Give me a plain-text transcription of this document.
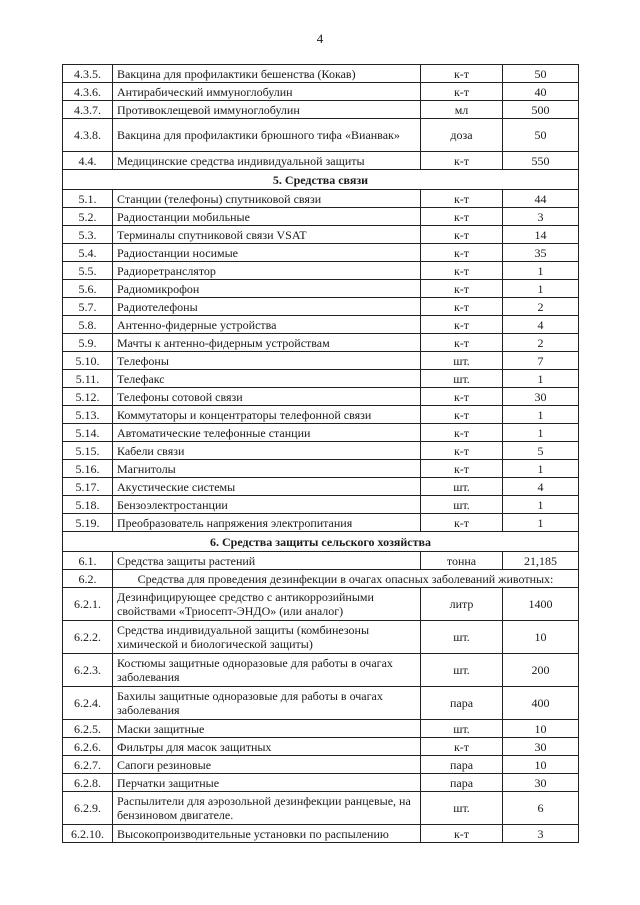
4
4.3.5.	Вакцина для профилактики бешенства (Кокав)	к-т	50
4.3.6.	Антирабический иммуноглобулин	к-т	40
4.3.7.	Противоклещевой иммуноглобулин	мл	500
4.3.8.	Вакцина для профилактики брюшного тифа «Вианвак»	доза	50
4.4.	Медицинские средства индивидуальной защиты	к-т	550
5. Средства связи			
5.1.	Станции (телефоны) спутниковой связи	к-т	44
5.2.	Радиостанции мобильные	к-т	3
5.3.	Терминалы спутниковой связи VSAT	к-т	14
5.4.	Радиостанции носимые	к-т	35
5.5.	Радиоретранслятор	к-т	1
5.6.	Радиомикрофон	к-т	1
5.7.	Радиотелефоны	к-т	2
5.8.	Антенно-фидерные устройства	к-т	4
5.9.	Мачты к антенно-фидерным устройствам	к-т	2
5.10.	Телефоны	шт.	7
5.11.	Телефакс	шт.	1
5.12.	Телефоны сотовой связи	к-т	30
5.13.	Коммутаторы и концентраторы телефонной связи	к-т	1
5.14.	Автоматические телефонные станции	к-т	1
5.15.	Кабели связи	к-т	5
5.16.	Магнитолы	к-т	1
5.17.	Акустические системы	шт.	4
5.18.	Бензоэлектростанции	шт.	1
5.19.	Преобразователь напряжения электропитания	к-т	1
6. Средства защиты сельского хозяйства			
6.1.	Средства защиты растений	тонна	21,185
6.2.	Средства для проведения дезинфекции в очагах опасных заболеваний животных:		
6.2.1.	Дезинфицирующее средство с антикоррозийными свойствами «Триосепт-ЭНДО» (или аналог)	литр	1400
6.2.2.	Средства индивидуальной защиты (комбинезоны химической и биологической защиты)	шт.	10
6.2.3.	Костюмы защитные одноразовые для работы в очагах заболевания	шт.	200
6.2.4.	Бахилы защитные одноразовые для работы в очагах заболевания	пара	400
6.2.5.	Маски защитные	шт.	10
6.2.6.	Фильтры для масок защитных	к-т	30
6.2.7.	Сапоги резиновые	пара	10
6.2.8.	Перчатки защитные	пара	30
6.2.9.	Распылители для аэрозольной дезинфекции ранцевые, на бензиновом двигателе.	шт.	6
6.2.10.	Высокопроизводительные установки по распылению	к-т	3
